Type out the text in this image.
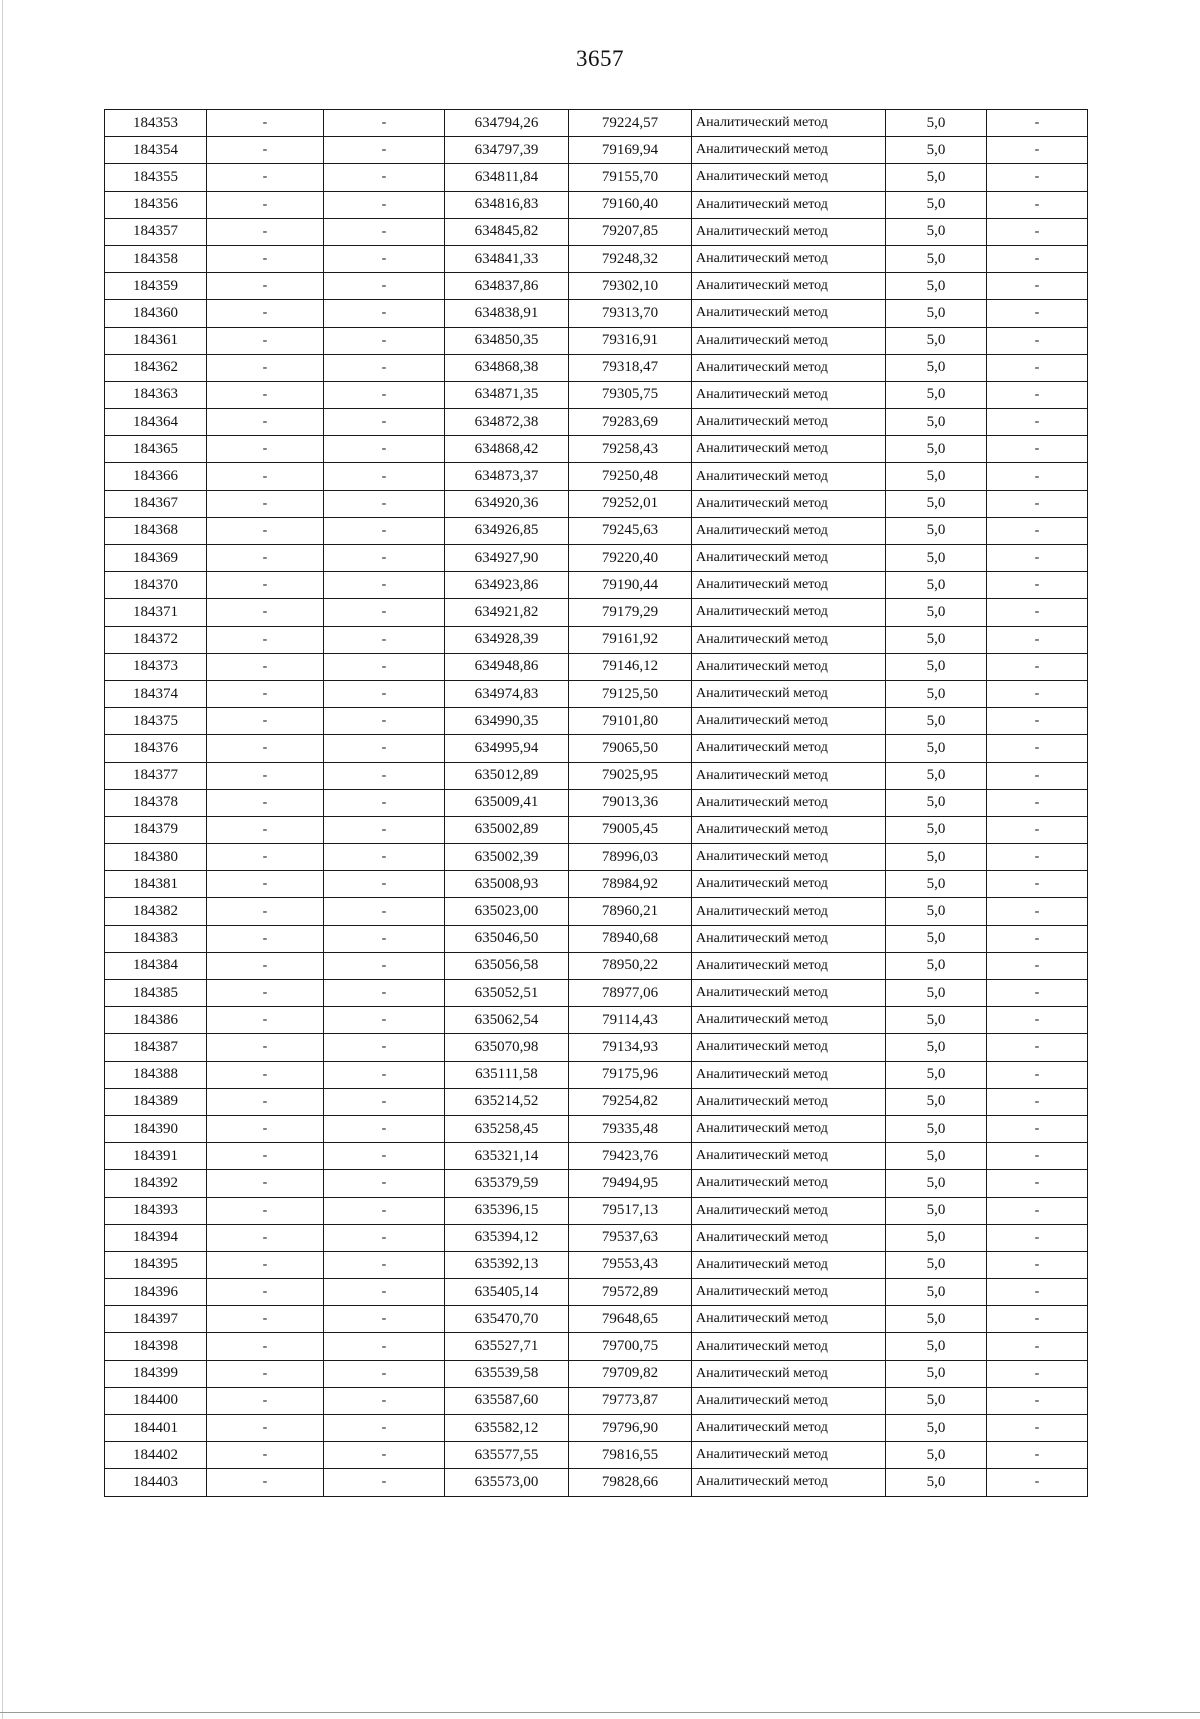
3657
184353	-	-	634794,26	79224,57	Аналитический метод	5,0	-
184354	-	-	634797,39	79169,94	Аналитический метод	5,0	-
184355	-	-	634811,84	79155,70	Аналитический метод	5,0	-
184356	-	-	634816,83	79160,40	Аналитический метод	5,0	-
184357	-	-	634845,82	79207,85	Аналитический метод	5,0	-
184358	-	-	634841,33	79248,32	Аналитический метод	5,0	-
184359	-	-	634837,86	79302,10	Аналитический метод	5,0	-
184360	-	-	634838,91	79313,70	Аналитический метод	5,0	-
184361	-	-	634850,35	79316,91	Аналитический метод	5,0	-
184362	-	-	634868,38	79318,47	Аналитический метод	5,0	-
184363	-	-	634871,35	79305,75	Аналитический метод	5,0	-
184364	-	-	634872,38	79283,69	Аналитический метод	5,0	-
184365	-	-	634868,42	79258,43	Аналитический метод	5,0	-
184366	-	-	634873,37	79250,48	Аналитический метод	5,0	-
184367	-	-	634920,36	79252,01	Аналитический метод	5,0	-
184368	-	-	634926,85	79245,63	Аналитический метод	5,0	-
184369	-	-	634927,90	79220,40	Аналитический метод	5,0	-
184370	-	-	634923,86	79190,44	Аналитический метод	5,0	-
184371	-	-	634921,82	79179,29	Аналитический метод	5,0	-
184372	-	-	634928,39	79161,92	Аналитический метод	5,0	-
184373	-	-	634948,86	79146,12	Аналитический метод	5,0	-
184374	-	-	634974,83	79125,50	Аналитический метод	5,0	-
184375	-	-	634990,35	79101,80	Аналитический метод	5,0	-
184376	-	-	634995,94	79065,50	Аналитический метод	5,0	-
184377	-	-	635012,89	79025,95	Аналитический метод	5,0	-
184378	-	-	635009,41	79013,36	Аналитический метод	5,0	-
184379	-	-	635002,89	79005,45	Аналитический метод	5,0	-
184380	-	-	635002,39	78996,03	Аналитический метод	5,0	-
184381	-	-	635008,93	78984,92	Аналитический метод	5,0	-
184382	-	-	635023,00	78960,21	Аналитический метод	5,0	-
184383	-	-	635046,50	78940,68	Аналитический метод	5,0	-
184384	-	-	635056,58	78950,22	Аналитический метод	5,0	-
184385	-	-	635052,51	78977,06	Аналитический метод	5,0	-
184386	-	-	635062,54	79114,43	Аналитический метод	5,0	-
184387	-	-	635070,98	79134,93	Аналитический метод	5,0	-
184388	-	-	635111,58	79175,96	Аналитический метод	5,0	-
184389	-	-	635214,52	79254,82	Аналитический метод	5,0	-
184390	-	-	635258,45	79335,48	Аналитический метод	5,0	-
184391	-	-	635321,14	79423,76	Аналитический метод	5,0	-
184392	-	-	635379,59	79494,95	Аналитический метод	5,0	-
184393	-	-	635396,15	79517,13	Аналитический метод	5,0	-
184394	-	-	635394,12	79537,63	Аналитический метод	5,0	-
184395	-	-	635392,13	79553,43	Аналитический метод	5,0	-
184396	-	-	635405,14	79572,89	Аналитический метод	5,0	-
184397	-	-	635470,70	79648,65	Аналитический метод	5,0	-
184398	-	-	635527,71	79700,75	Аналитический метод	5,0	-
184399	-	-	635539,58	79709,82	Аналитический метод	5,0	-
184400	-	-	635587,60	79773,87	Аналитический метод	5,0	-
184401	-	-	635582,12	79796,90	Аналитический метод	5,0	-
184402	-	-	635577,55	79816,55	Аналитический метод	5,0	-
184403	-	-	635573,00	79828,66	Аналитический метод	5,0	-
